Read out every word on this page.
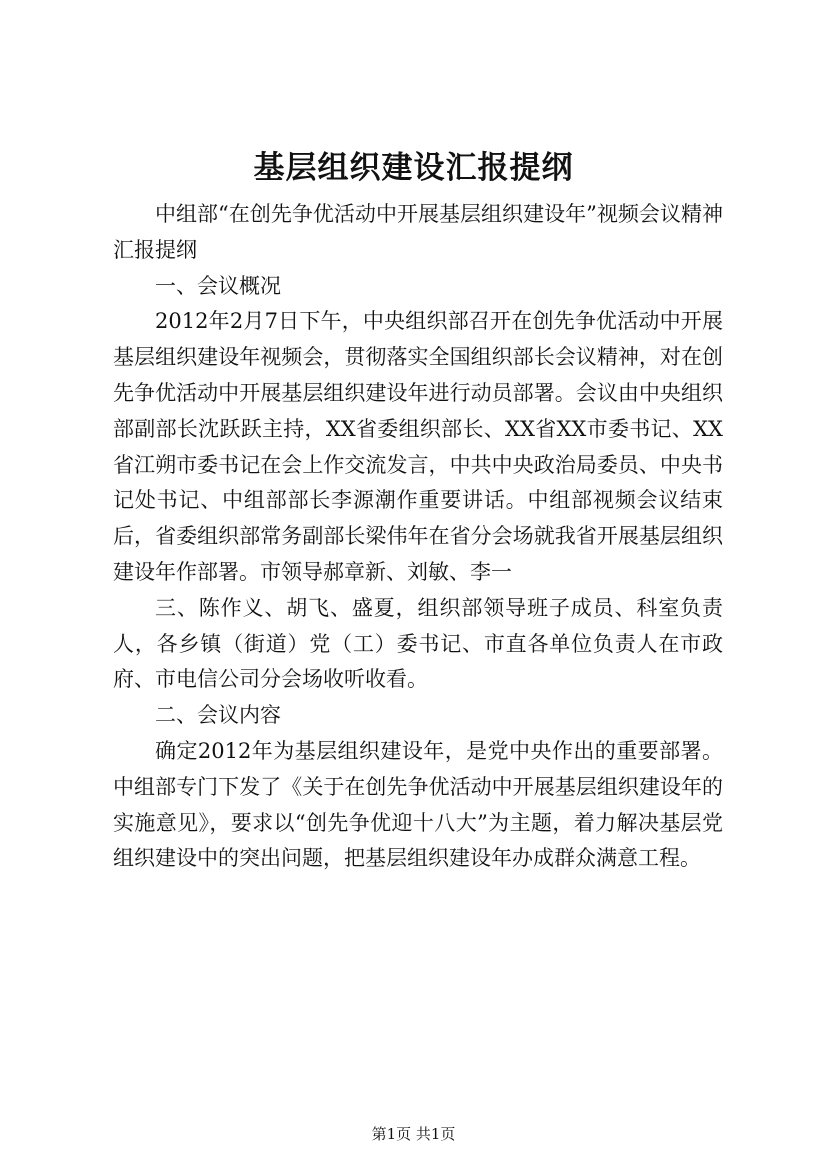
基层组织建设汇报提纲

中组部“在创先争优活动中开展基层组织建设年”视频会议精神汇报提纲

一、会议概况

2012年2月7日下午，中央组织部召开在创先争优活动中开展基层组织建设年视频会，贯彻落实全国组织部长会议精神，对在创先争优活动中开展基层组织建设年进行动员部署。会议由中央组织部副部长沈跃跃主持，XX省委组织部长、XX省XX市委书记、XX省江朔市委书记在会上作交流发言，中共中央政治局委员、中央书记处书记、中组部部长李源潮作重要讲话。中组部视频会议结束后，省委组织部常务副部长梁伟年在省分会场就我省开展基层组织建设年作部署。市领导郝章新、刘敏、李一

三、陈作义、胡飞、盛夏，组织部领导班子成员、科室负责人，各乡镇（街道）党（工）委书记、市直各单位负责人在市政府、市电信公司分会场收听收看。

二、会议内容

确定2012年为基层组织建设年，是党中央作出的重要部署。中组部专门下发了《关于在创先争优活动中开展基层组织建设年的实施意见》，要求以“创先争优迎十八大”为主题，着力解决基层党组织建设中的突出问题，把基层组织建设年办成群众满意工程。

第1页 共1页
